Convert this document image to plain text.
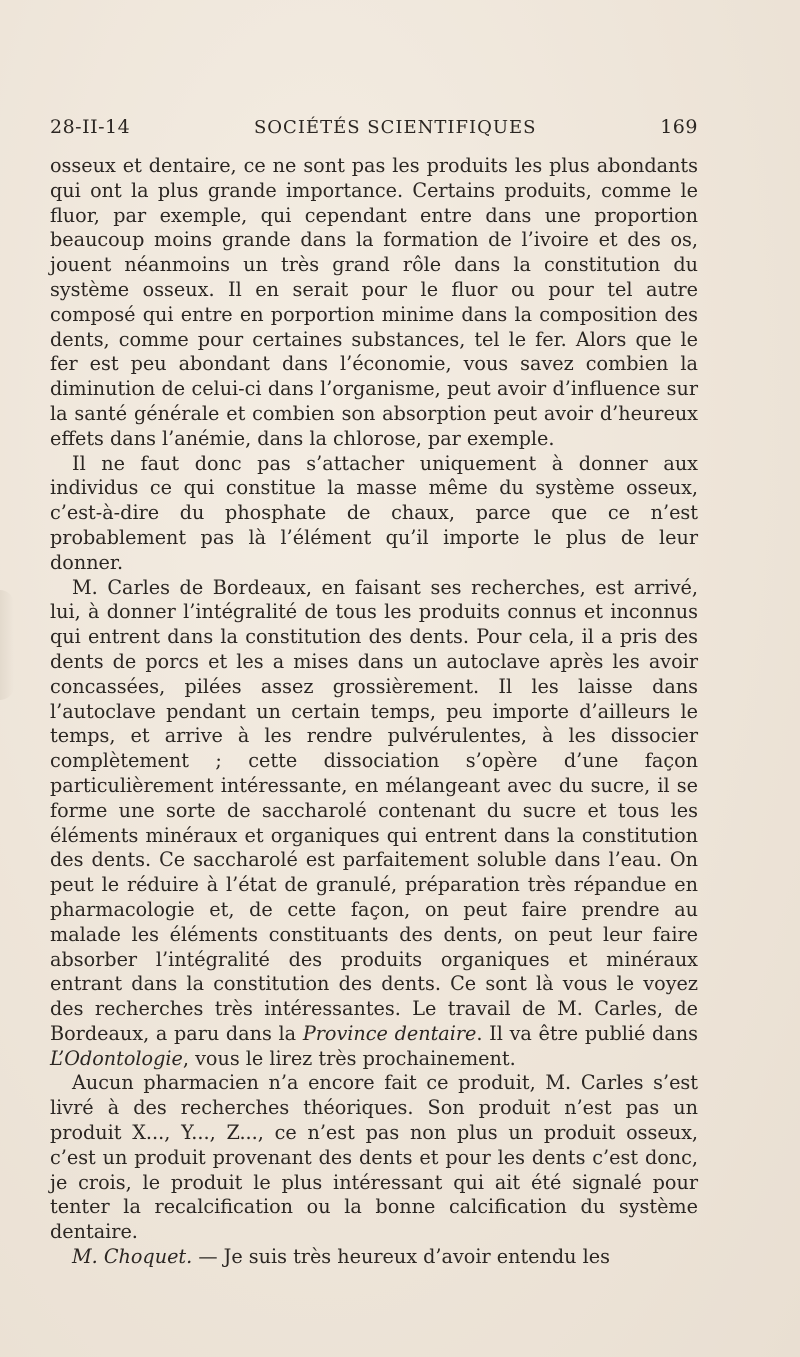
28-II-14	SOCIÉTÉS SCIENTIFIQUES	169

osseux et dentaire, ce ne sont pas les produits les plus abondants qui ont la plus grande importance. Certains produits, comme le fluor, par exemple, qui cependant entre dans une proportion beaucoup moins grande dans la formation de l’ivoire et des os, jouent néanmoins un très grand rôle dans la constitution du système osseux. Il en serait pour le fluor ou pour tel autre composé qui entre en porportion minime dans la composition des dents, comme pour certaines substances, tel le fer. Alors que le fer est peu abondant dans l’économie, vous savez combien la diminution de celui-ci dans l’organisme, peut avoir d’influence sur la santé générale et combien son absorption peut avoir d’heureux effets dans l’anémie, dans la chlorose, par exemple.

Il ne faut donc pas s’attacher uniquement à donner aux individus ce qui constitue la masse même du système osseux, c’est-à-dire du phosphate de chaux, parce que ce n’est probablement pas là l’élément qu’il importe le plus de leur donner.

M. Carles de Bordeaux, en faisant ses recherches, est arrivé, lui, à donner l’intégralité de tous les produits connus et inconnus qui entrent dans la constitution des dents. Pour cela, il a pris des dents de porcs et les a mises dans un autoclave après les avoir concassées, pilées assez grossièrement. Il les laisse dans l’autoclave pendant un certain temps, peu importe d’ailleurs le temps, et arrive à les rendre pulvérulentes, à les dissocier complètement ; cette dissociation s’opère d’une façon particulièrement intéressante, en mélangeant avec du sucre, il se forme une sorte de saccharolé contenant du sucre et tous les éléments minéraux et organiques qui entrent dans la constitution des dents. Ce saccharolé est parfaitement soluble dans l’eau. On peut le réduire à l’état de granulé, préparation très répandue en pharmacologie et, de cette façon, on peut faire prendre au malade les éléments constituants des dents, on peut leur faire absorber l’intégralité des produits organiques et minéraux entrant dans la constitution des dents. Ce sont là vous le voyez des recherches très intéressantes. Le travail de M. Carles, de Bordeaux, a paru dans la Province dentaire. Il va être publié dans L’Odontologie, vous le lirez très prochainement.

Aucun pharmacien n’a encore fait ce produit, M. Carles s’est livré à des recherches théoriques. Son produit n’est pas un produit X..., Y..., Z..., ce n’est pas non plus un produit osseux, c’est un produit provenant des dents et pour les dents c’est donc, je crois, le produit le plus intéressant qui ait été signalé pour tenter la recalcification ou la bonne calcification du système dentaire.

M. Choquet. — Je suis très heureux d’avoir entendu les
